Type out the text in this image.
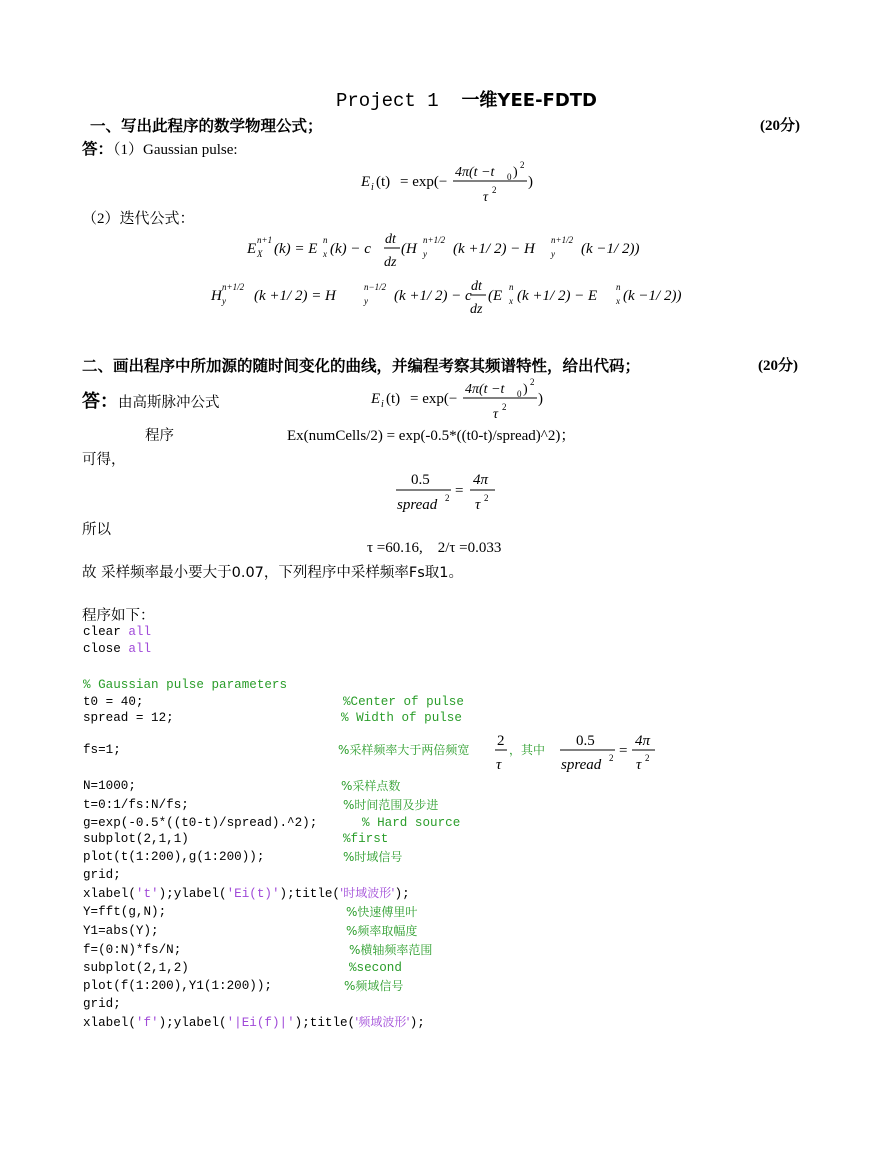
Project 1 一维YEE-FDTD
一、写出此程序的数学物理公式；	(20分)
答：（1）Gaussian pulse:
E i (t) = exp(−
4π(t −t 0 ) 2
τ 2 )
（2）迭代公式：
E
n+1
X (k) = E
n
x (k) − c
dt
dz
(H
n+1/2
y (k +1/ 2) − H
n+1/2
y (k −1/ 2))
H
n+1/2
y (k +1/ 2) = H
n−1/2
y (k +1/ 2) − c
dt
dz
(E
n
x (k +1/ 2) − E
n
x (k −1/ 2))
二、画出程序中所加源的随时间变化的曲线，并编程考察其频谱特性，给出代码；	(20分)
答：由高斯脉冲公式	E i (t) = exp(−
4π(t −t 0 ) 2
τ 2 )
程序	Ex(numCells/2) = exp(-0.5*((t0-t)/spread)^2)；
可得，
0.5
spread 2 =
4π
τ 2
所以
τ =60.16,    2/τ =0.033
故 采样频率最小要大于0.07，下列程序中采样频率Fs取1。
程序如下：
clear all
close all
% Gaussian pulse parameters
t0 = 40;	%Center of pulse
spread = 12;	% Width of pulse
fs=1;	%采样频率大于两倍频宽
2
τ
，其中
0.5
spread 2 =
4π
τ 2
N=1000;	%采样点数
t=0:1/fs:N/fs;	%时间范围及步进
g=exp(-0.5*((t0-t)/spread).^2);	% Hard source
subplot(2,1,1)	%first
plot(t(1:200),g(1:200));	%时域信号
grid;
xlabel('t');ylabel('Ei(t)');title('时域波形');
Y=fft(g,N);	%快速傅里叶
Y1=abs(Y);	%频率取幅度
f=(0:N)*fs/N;	%横轴频率范围
subplot(2,1,2)	%second
plot(f(1:200),Y1(1:200));	%频域信号
grid;
xlabel('f');ylabel('|Ei(f)|');title('频域波形');
